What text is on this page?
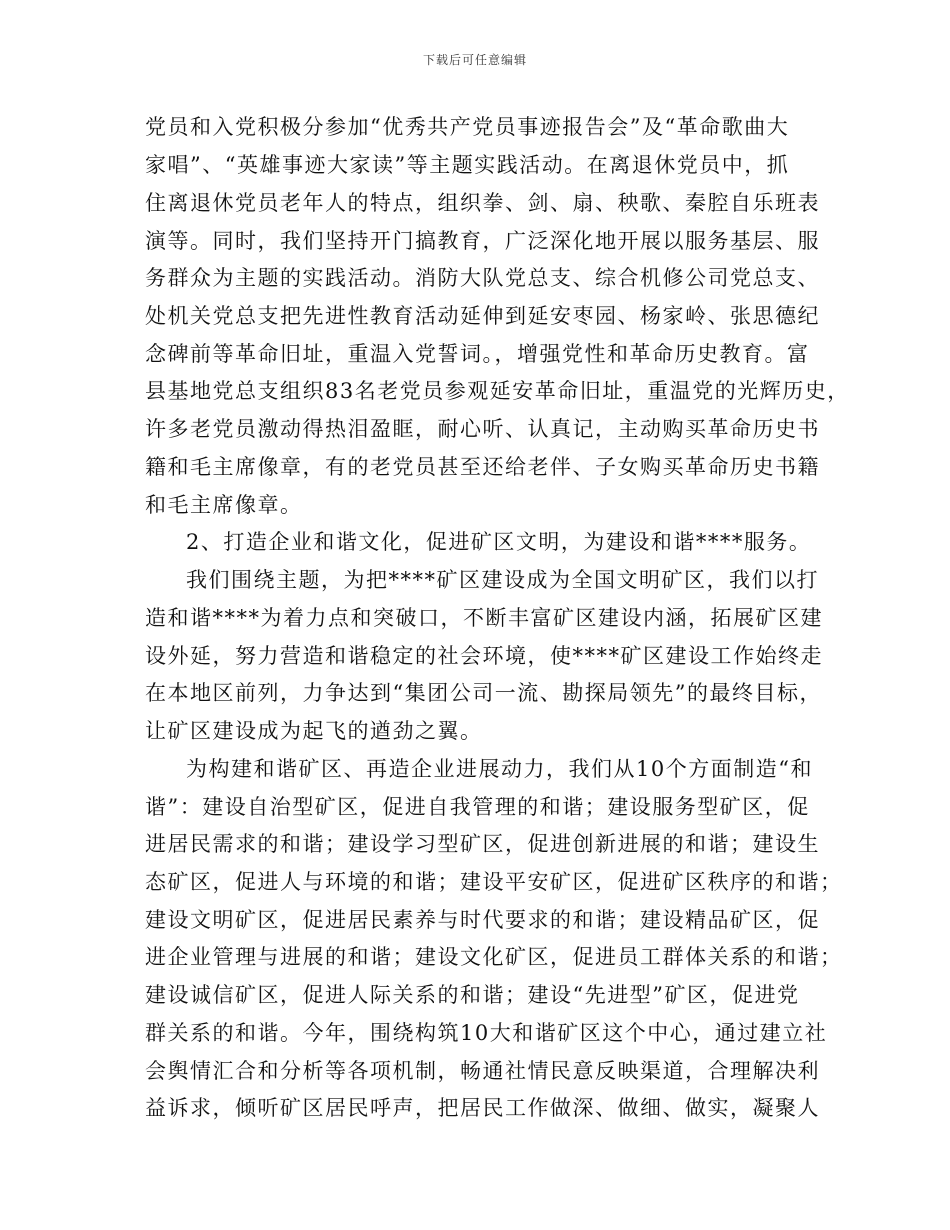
下载后可任意编辑
党员和入党积极分参加“优秀共产党员事迹报告会”及“革命歌曲大
家唱”、“英雄事迹大家读”等主题实践活动。在离退休党员中，抓
住离退休党员老年人的特点，组织拳、剑、扇、秧歌、秦腔自乐班表
演等。同时，我们坚持开门搞教育，广泛深化地开展以服务基层、服
务群众为主题的实践活动。消防大队党总支、综合机修公司党总支、
处机关党总支把先进性教育活动延伸到延安枣园、杨家岭、张思德纪
念碑前等革命旧址，重温入党誓词。，增强党性和革命历史教育。富
县基地党总支组织83名老党员参观延安革命旧址，重温党的光辉历史，
许多老党员激动得热泪盈眶，耐心听、认真记，主动购买革命历史书
籍和毛主席像章，有的老党员甚至还给老伴、子女购买革命历史书籍
和毛主席像章。
2、打造企业和谐文化，促进矿区文明，为建设和谐****服务。
我们围绕主题，为把****矿区建设成为全国文明矿区，我们以打
造和谐****为着力点和突破口，不断丰富矿区建设内涵，拓展矿区建
设外延，努力营造和谐稳定的社会环境，使****矿区建设工作始终走
在本地区前列，力争达到“集团公司一流、勘探局领先”的最终目标，
让矿区建设成为起飞的遒劲之翼。
为构建和谐矿区、再造企业进展动力，我们从10个方面制造“和
谐”：建设自治型矿区，促进自我管理的和谐；建设服务型矿区，促
进居民需求的和谐；建设学习型矿区，促进创新进展的和谐；建设生
态矿区，促进人与环境的和谐；建设平安矿区，促进矿区秩序的和谐；
建设文明矿区，促进居民素养与时代要求的和谐；建设精品矿区，促
进企业管理与进展的和谐；建设文化矿区，促进员工群体关系的和谐；
建设诚信矿区，促进人际关系的和谐；建设“先进型”矿区，促进党
群关系的和谐。今年，围绕构筑10大和谐矿区这个中心，通过建立社
会舆情汇合和分析等各项机制，畅通社情民意反映渠道，合理解决利
益诉求，倾听矿区居民呼声，把居民工作做深、做细、做实，凝聚人
